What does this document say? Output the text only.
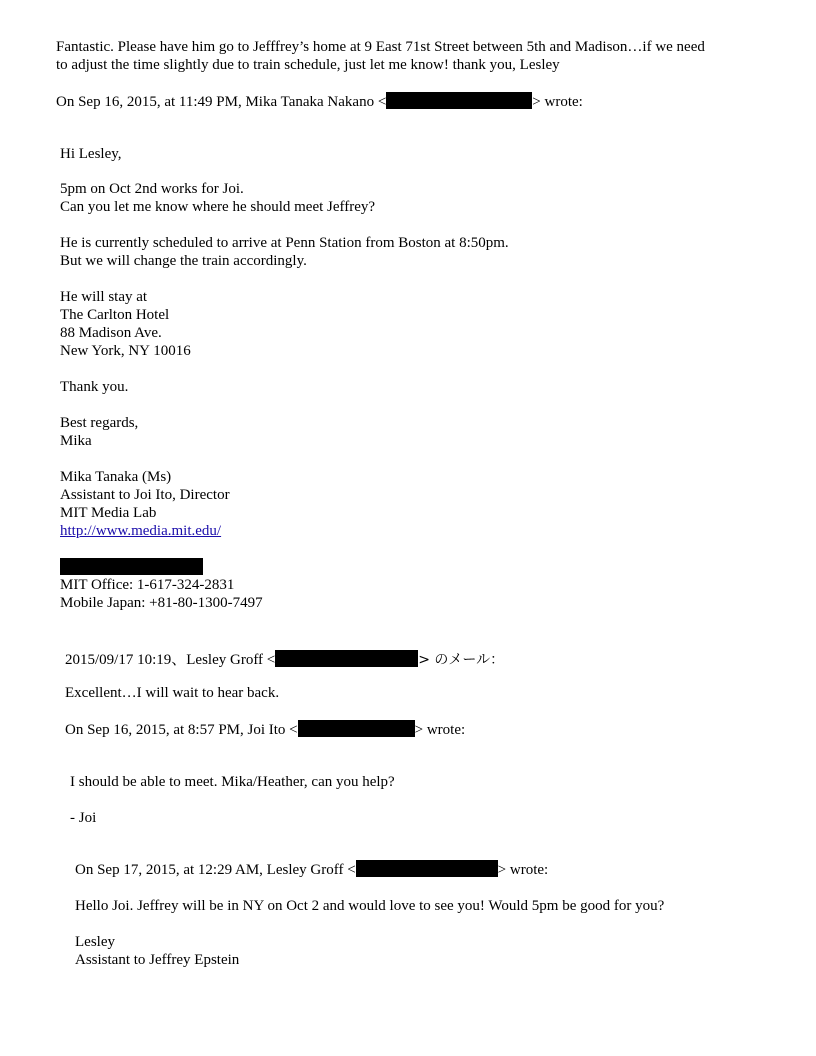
Fantastic. Please have him go to Jefffrey’s home at 9 East 71st Street between 5th and Madison…if we need
to adjust the time slightly due to train schedule, just let me know! thank you, Lesley
On Sep 16, 2015, at 11:49 PM, Mika Tanaka Nakano <	> wrote:
Hi Lesley,
5pm on Oct 2nd works for Joi.
Can you let me know where he should meet Jeffrey?
He is currently scheduled to arrive at Penn Station from Boston at 8:50pm.
But we will change the train accordingly.
He will stay at
The Carlton Hotel
88 Madison Ave.
New York, NY 10016
Thank you.
Best regards,
Mika
Mika Tanaka (Ms)
Assistant to Joi Ito, Director
MIT Media Lab
http://www.media.mit.edu/
MIT Office: 1-617-324-2831
Mobile Japan: +81-80-1300-7497
2015/09/17 10:19、Lesley Groff <	> のメール：
Excellent…I will wait to hear back.
On Sep 16, 2015, at 8:57 PM, Joi Ito <	> wrote:
I should be able to meet. Mika/Heather, can you help?
- Joi
On Sep 17, 2015, at 12:29 AM, Lesley Groff <	> wrote:
Hello Joi. Jeffrey will be in NY on Oct 2 and would love to see you! Would 5pm be good for you?
Lesley
Assistant to Jeffrey Epstein
